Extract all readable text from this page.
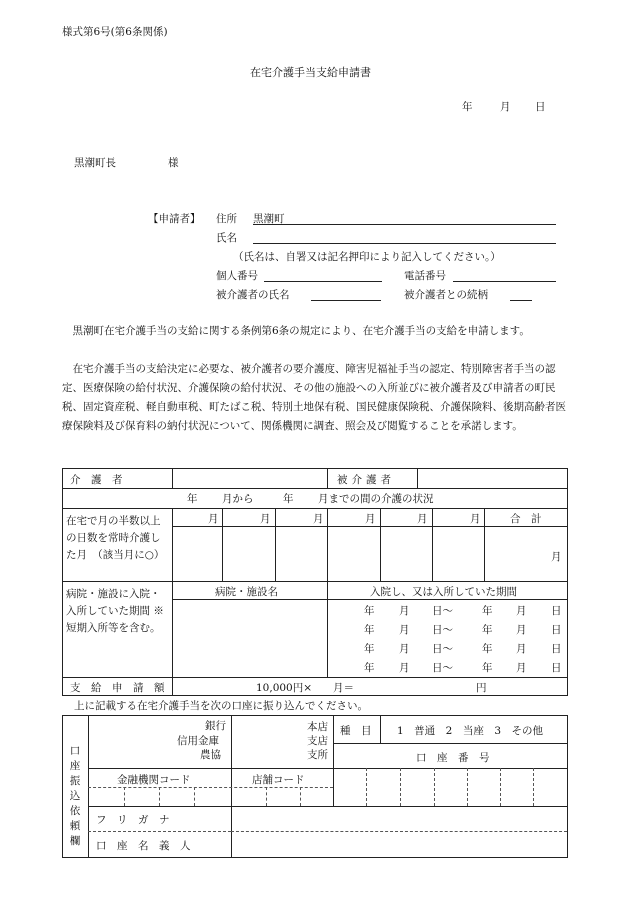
様式第6号(第6条関係)
在宅介護手当支給申請書
年	月 日
黒潮町長	様
【申請者】 住所 黒潮町
氏名
（氏名は、自署又は記名押印により記入してください。）
個人番号	電話番号
被介護者の氏名	被介護者との続柄
黒潮町在宅介護手当の支給に関する条例第6条の規定により、在宅介護手当の支給を申請します。
在宅介護手当の支給決定に必要な、被介護者の要介護度、障害児福祉手当の認定、特別障害者手当の認定、医療保険の給付状況、介護保険の給付状況、その他の施設への入所並びに被介護者及び申請者の町民税、固定資産税、軽自動車税、町たばこ税、特別土地保有税、国民健康保険税、介護保険料、後期高齢者医療保険料及び保育料の納付状況について、関係機関に調査、照会及び閲覧することを承諾します。
介　護　者	被介護者
年 月から	年 月までの間の介護の状況
在宅で月の半数以上の日数を常時介護した月　（該当月に○）
月	月	月	月	月	月	合　計
月
病院・施設に入院・入所していた期間 ※短期入所等を含む。
病院・施設名	入院し、又は入所していた期間
年 月 日〜	年 月 日
年 月 日〜	年 月 日
年 月 日〜	年 月 日
年 月 日〜	年 月 日
支　給　申　請　額	10,000円×　　月＝	円
上に記載する在宅介護手当を次の口座に振り込んでください。
口座振込依頼欄
銀行
信用金庫
農協
本店
支店
支所
種　目 1　普通　2　当座　3　その他
口　座　番　号
金融機関コード	店舗コード
フ　リ　ガ　ナ
口　座　名　義　人
